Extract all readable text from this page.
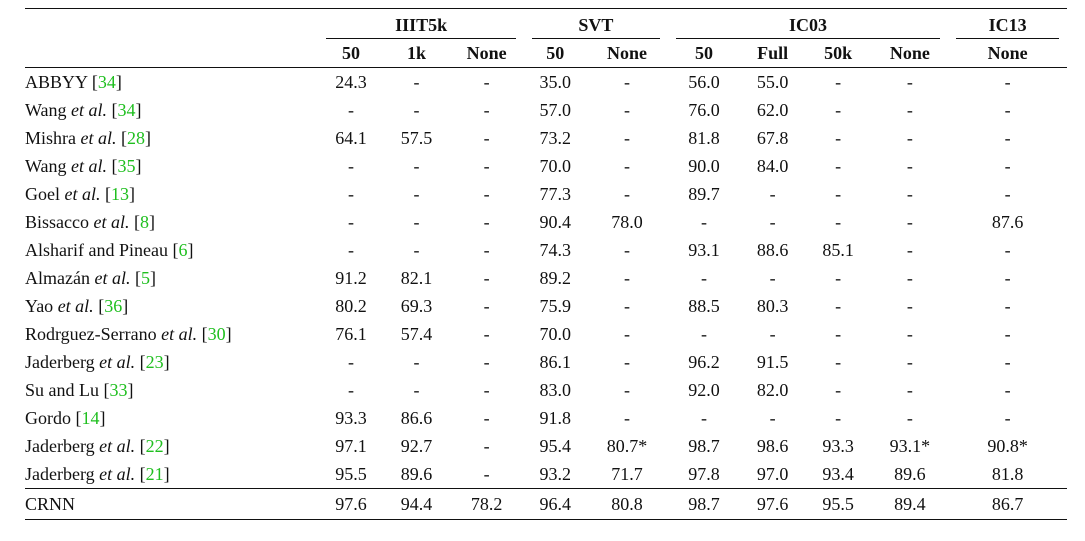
	IIIT5k			SVT		IC03				IC13

	50	1k	None	50	None	50	Full	50k	None	None
ABBYY [34]	24.3	-	-	35.0	-	56.0	55.0	-	-	-
Wang et al. [34]	-	-	-	57.0	-	76.0	62.0	-	-	-
Mishra et al. [28]	64.1	57.5	-	73.2	-	81.8	67.8	-	-	-
Wang et al. [35]	-	-	-	70.0	-	90.0	84.0	-	-	-
Goel et al. [13]	-	-	-	77.3	-	89.7	-	-	-	-
Bissacco et al. [8]	-	-	-	90.4	78.0	-	-	-	-	87.6
Alsharif and Pineau [6]	-	-	-	74.3	-	93.1	88.6	85.1	-	-
Almazán et al. [5]	91.2	82.1	-	89.2	-	-	-	-	-	-
Yao et al. [36]	80.2	69.3	-	75.9	-	88.5	80.3	-	-	-
Rodrguez-Serrano et al. [30]	76.1	57.4	-	70.0	-	-	-	-	-	-
Jaderberg et al. [23]	-	-	-	86.1	-	96.2	91.5	-	-	-
Su and Lu [33]	-	-	-	83.0	-	92.0	82.0	-	-	-
Gordo [14]	93.3	86.6	-	91.8	-	-	-	-	-	-
Jaderberg et al. [22]	97.1	92.7	-	95.4	80.7*	98.7	98.6	93.3	93.1*	90.8*
Jaderberg et al. [21]	95.5	89.6	-	93.2	71.7	97.8	97.0	93.4	89.6	81.8
CRNN	97.6	94.4	78.2	96.4	80.8	98.7	97.6	95.5	89.4	86.7
